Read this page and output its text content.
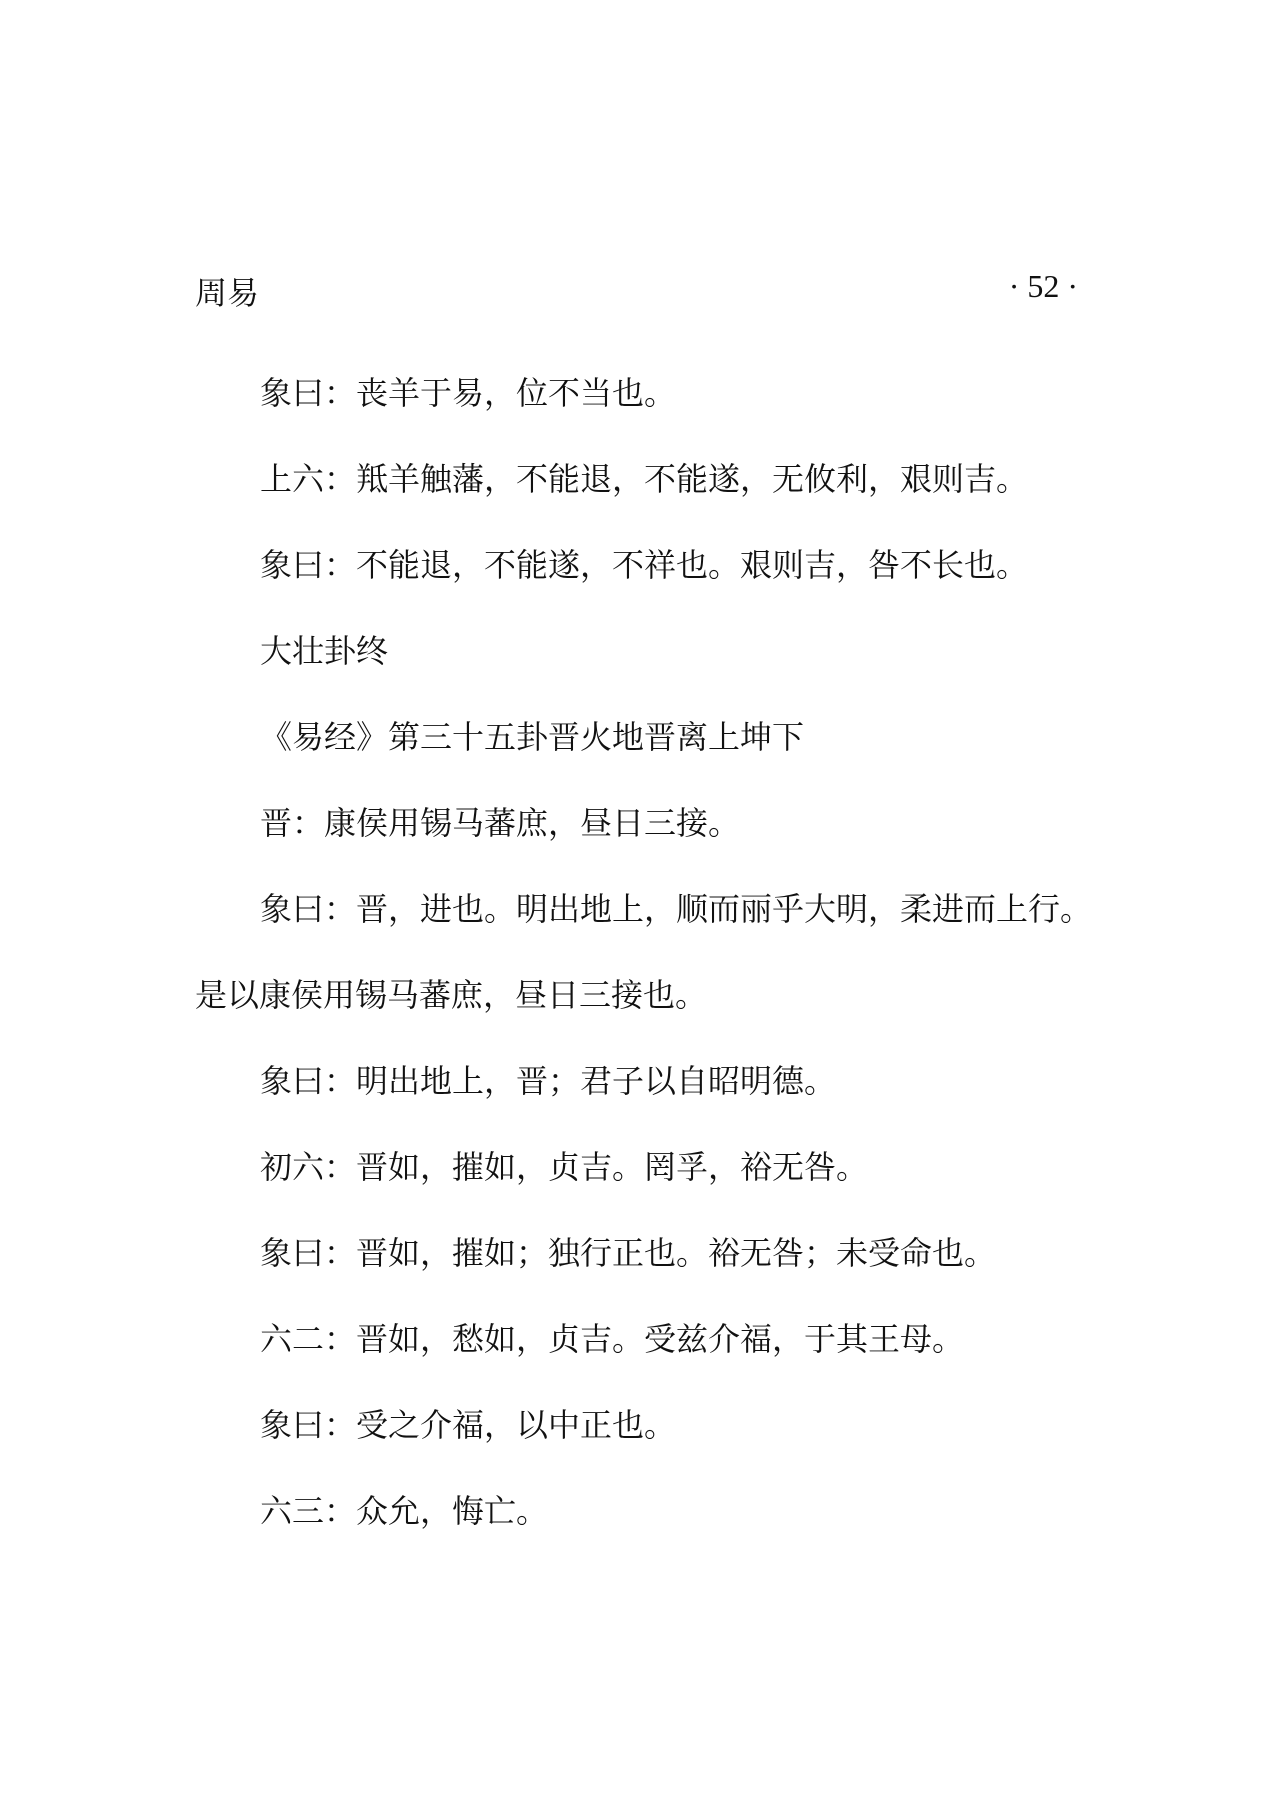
周易	· 52 ·

象曰：丧羊于易，位不当也。

上六：羝羊触藩，不能退，不能遂，无攸利，艰则吉。

象曰：不能退，不能遂，不祥也。艰则吉，咎不长也。

大壮卦终

《易经》第三十五卦晋火地晋离上坤下

晋：康侯用锡马蕃庶，昼日三接。

象曰：晋，进也。明出地上，顺而丽乎大明，柔进而上行。是以康侯用锡马蕃庶，昼日三接也。

象曰：明出地上，晋；君子以自昭明德。

初六：晋如，摧如，贞吉。罔孚，裕无咎。

象曰：晋如，摧如；独行正也。裕无咎；未受命也。

六二：晋如，愁如，贞吉。受兹介福，于其王母。

象曰：受之介福，以中正也。

六三：众允，悔亡。
